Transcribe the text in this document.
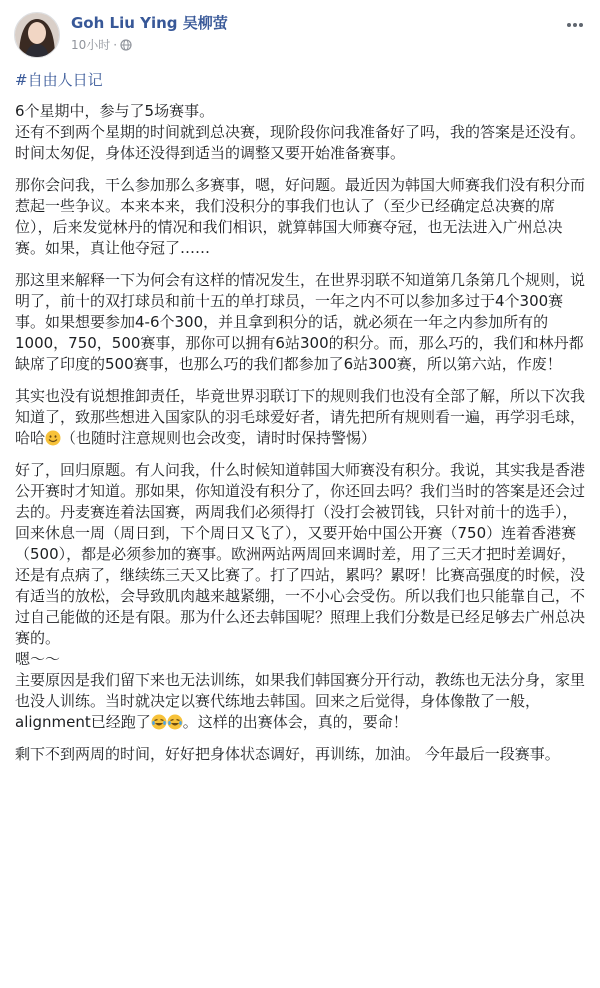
Goh Liu Ying 吴柳萤
10小时 ·
#自由人日记

6个星期中，参与了5场赛事。
还有不到两个星期的时间就到总决赛，现阶段你问我准备好了吗，我的答案是还没有。
时间太匆促，身体还没得到适当的调整又要开始准备赛事。

那你会问我，干么参加那么多赛事，嗯，好问题。最近因为韩国大师赛我们没有积分而惹起一些争议。本来本来，我们没积分的事我们也认了（至少已经确定总决赛的席位），后来发觉林丹的情况和我们相识，就算韩国大师赛夺冠，也无法进入广州总决赛。如果，真让他夺冠了……

那这里来解释一下为何会有这样的情况发生，在世界羽联不知道第几条第几个规则，说明了，前十的双打球员和前十五的单打球员，一年之内不可以参加多过于4个300赛事。如果想要参加4-6个300，并且拿到积分的话，就必须在一年之内参加所有的1000，750，500赛事，那你可以拥有6站300的积分。而，那么巧的，我们和林丹都缺席了印度的500赛事，也那么巧的我们都参加了6站300赛，所以第六站，作废！

其实也没有说想推卸责任，毕竟世界羽联订下的规则我们也没有全部了解，所以下次我知道了，致那些想进入国家队的羽毛球爱好者，请先把所有规则看一遍，再学羽毛球，哈哈 （也随时注意规则也会改变，请时时保持警惕）

好了，回归原题。有人问我，什么时候知道韩国大师赛没有积分。我说，其实我是香港公开赛时才知道。那如果，你知道没有积分了，你还回去吗？我们当时的答案是还会过去的。丹麦赛连着法国赛，两周我们必须得打（没打会被罚钱，只针对前十的选手），回来休息一周（周日到，下个周日又飞了），又要开始中国公开赛（750）连着香港赛（500），都是必须参加的赛事。欧洲两站两周回来调时差，用了三天才把时差调好，还是有点病了，继续练三天又比赛了。打了四站，累吗？累呀！比赛高强度的时候，没有适当的放松，会导致肌肉越来越紧绷，一不小心会受伤。所以我们也只能靠自己，不过自己能做的还是有限。那为什么还去韩国呢？照理上我们分数是已经足够去广州总决赛的。
嗯～～
主要原因是我们留下来也无法训练，如果我们韩国赛分开行动，教练也无法分身，家里也没人训练。当时就决定以赛代练地去韩国。回来之后觉得，身体像散了一般，alignment已经跑了 。这样的出赛体会，真的，要命！

剩下不到两周的时间，好好把身体状态调好，再训练，加油。 今年最后一段赛事。
